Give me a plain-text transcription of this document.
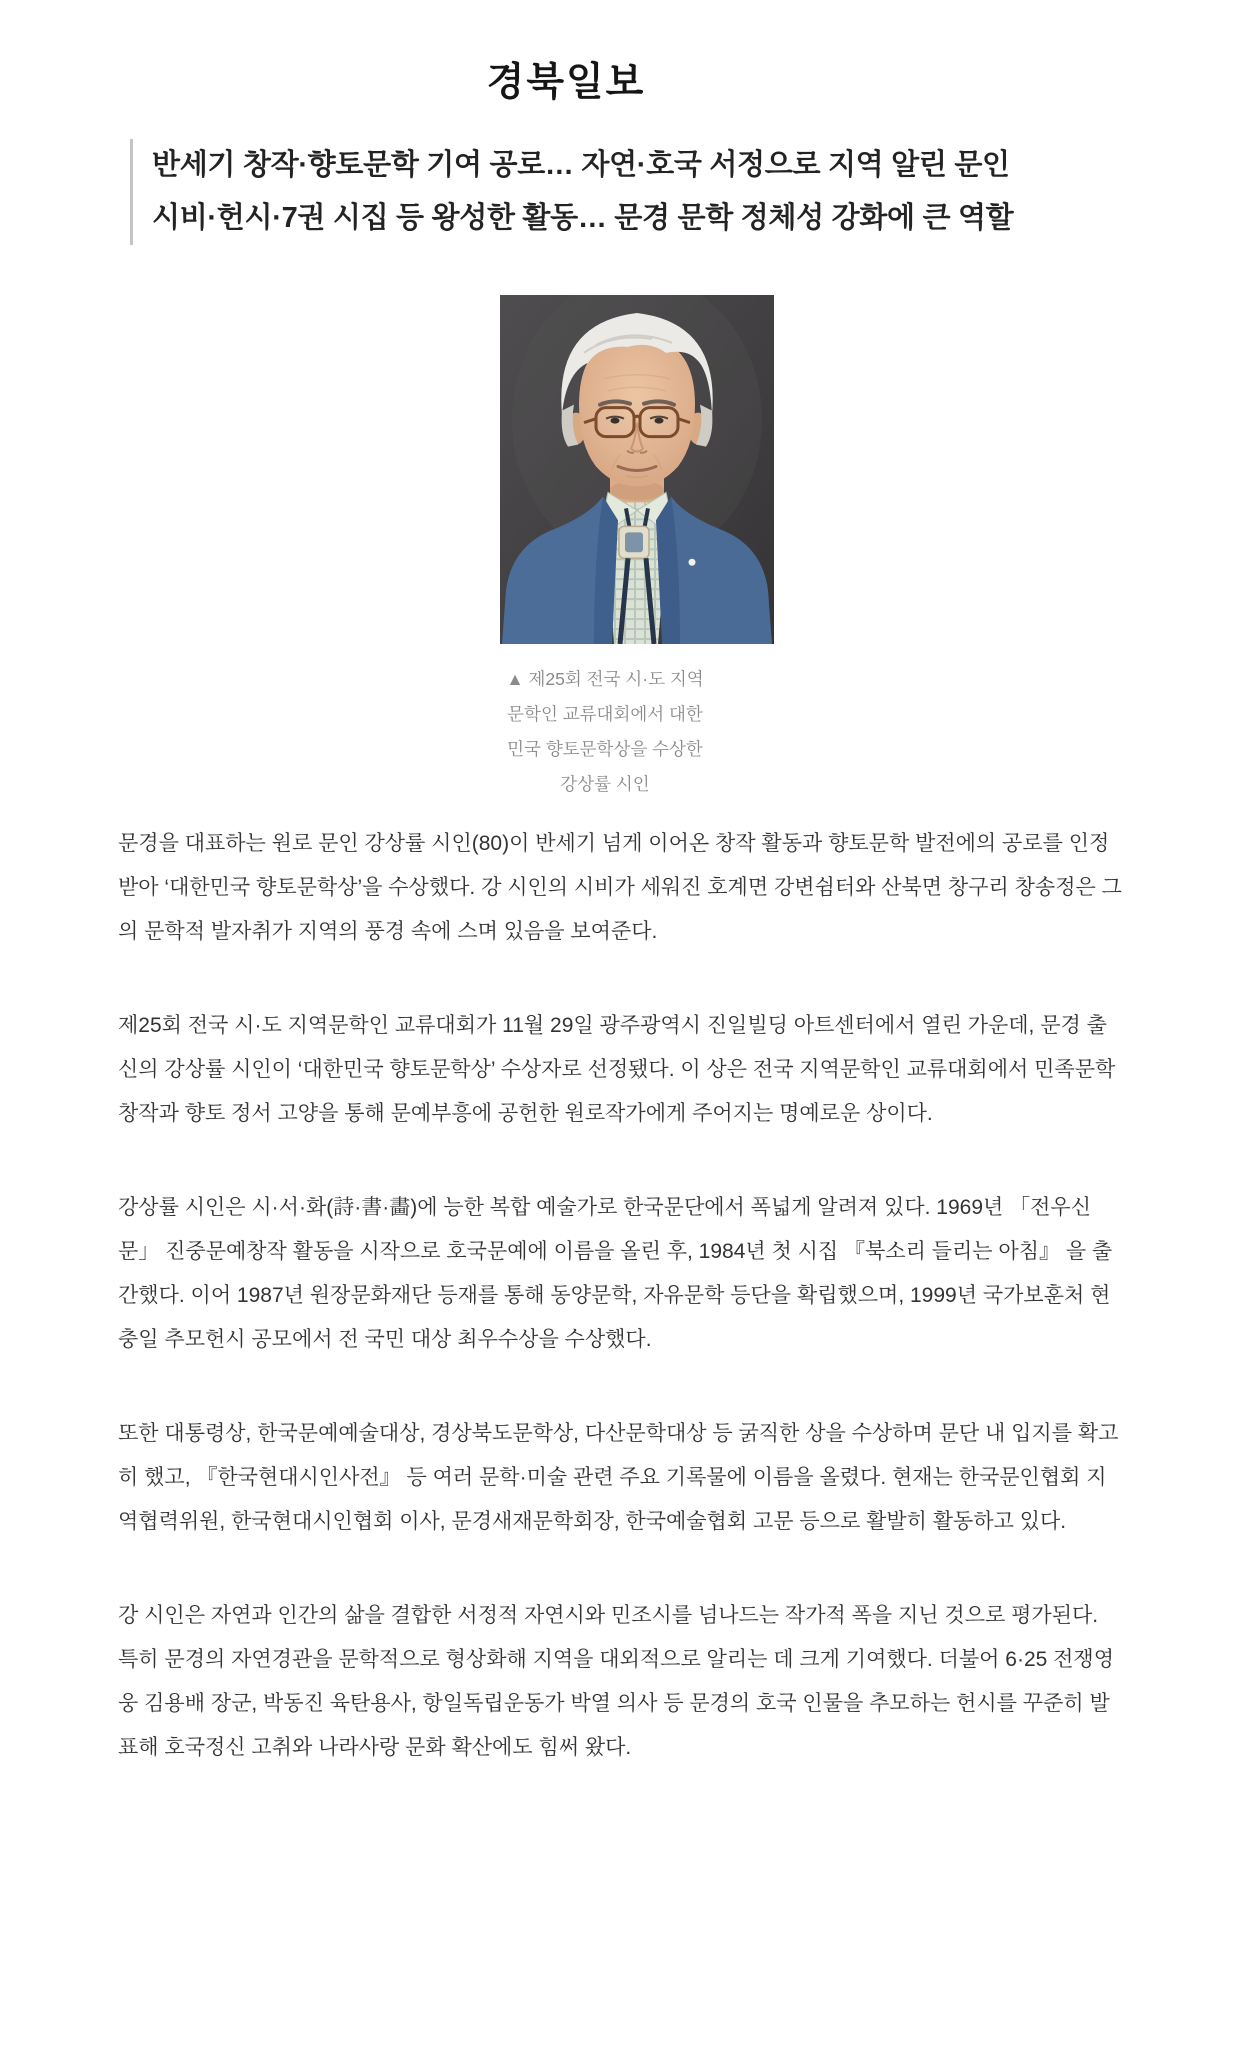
경북일보
반세기 창작·향토문학 기여 공로… 자연·호국 서정으로 지역 알린 문인
시비·헌시·7권 시집 등 왕성한 활동… 문경 문학 정체성 강화에 큰 역할
▲ 제25회 전국 시·도 지역
문학인 교류대회에서 대한
민국 향토문학상을 수상한
강상률 시인

문경을 대표하는 원로 문인 강상률 시인(80)이 반세기 넘게 이어온 창작 활동과 향토문학 발전에의 공로를 인정받아 ‘대한민국 향토문학상’을 수상했다. 강 시인의 시비가 세워진 호계면 강변쉼터와 산북면 창구리 창송정은 그의 문학적 발자취가 지역의 풍경 속에 스며 있음을 보여준다.

제25회 전국 시·도 지역문학인 교류대회가 11월 29일 광주광역시 진일빌딩 아트센터에서 열린 가운데, 문경 출신의 강상률 시인이 ‘대한민국 향토문학상’ 수상자로 선정됐다. 이 상은 전국 지역문학인 교류대회에서 민족문학 창작과 향토 정서 고양을 통해 문예부흥에 공헌한 원로작가에게 주어지는 명예로운 상이다.

강상률 시인은 시·서·화(詩·書·畵)에 능한 복합 예술가로 한국문단에서 폭넓게 알려져 있다. 1969년 「전우신문」 진중문예창작 활동을 시작으로 호국문예에 이름을 올린 후, 1984년 첫 시집 『북소리 들리는 아침』 을 출간했다. 이어 1987년 원장문화재단 등재를 통해 동양문학, 자유문학 등단을 확립했으며, 1999년 국가보훈처 현충일 추모헌시 공모에서 전 국민 대상 최우수상을 수상했다.

또한 대통령상, 한국문예예술대상, 경상북도문학상, 다산문학대상 등 굵직한 상을 수상하며 문단 내 입지를 확고히 했고, 『한국현대시인사전』 등 여러 문학·미술 관련 주요 기록물에 이름을 올렸다. 현재는 한국문인협회 지역협력위원, 한국현대시인협회 이사, 문경새재문학회장, 한국예술협회 고문 등으로 활발히 활동하고 있다.

강 시인은 자연과 인간의 삶을 결합한 서정적 자연시와 민조시를 넘나드는 작가적 폭을 지닌 것으로 평가된다. 특히 문경의 자연경관을 문학적으로 형상화해 지역을 대외적으로 알리는 데 크게 기여했다. 더불어 6·25 전쟁영웅 김용배 장군, 박동진 육탄용사, 항일독립운동가 박열 의사 등 문경의 호국 인물을 추모하는 헌시를 꾸준히 발표해 호국정신 고취와 나라사랑 문화 확산에도 힘써 왔다.
